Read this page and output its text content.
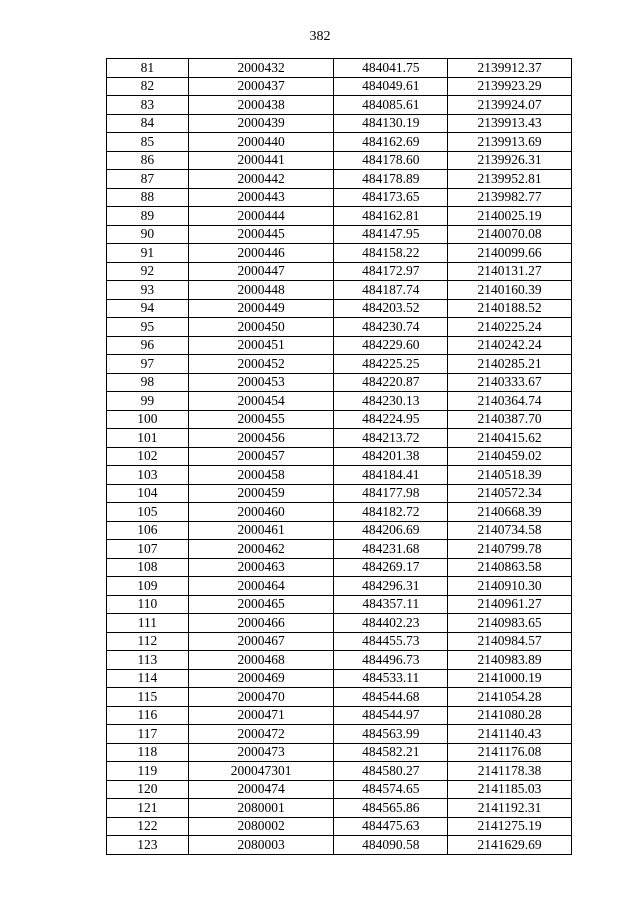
382
81	2000432	484041.75	2139912.37
82	2000437	484049.61	2139923.29
83	2000438	484085.61	2139924.07
84	2000439	484130.19	2139913.43
85	2000440	484162.69	2139913.69
86	2000441	484178.60	2139926.31
87	2000442	484178.89	2139952.81
88	2000443	484173.65	2139982.77
89	2000444	484162.81	2140025.19
90	2000445	484147.95	2140070.08
91	2000446	484158.22	2140099.66
92	2000447	484172.97	2140131.27
93	2000448	484187.74	2140160.39
94	2000449	484203.52	2140188.52
95	2000450	484230.74	2140225.24
96	2000451	484229.60	2140242.24
97	2000452	484225.25	2140285.21
98	2000453	484220.87	2140333.67
99	2000454	484230.13	2140364.74
100	2000455	484224.95	2140387.70
101	2000456	484213.72	2140415.62
102	2000457	484201.38	2140459.02
103	2000458	484184.41	2140518.39
104	2000459	484177.98	2140572.34
105	2000460	484182.72	2140668.39
106	2000461	484206.69	2140734.58
107	2000462	484231.68	2140799.78
108	2000463	484269.17	2140863.58
109	2000464	484296.31	2140910.30
110	2000465	484357.11	2140961.27
111	2000466	484402.23	2140983.65
112	2000467	484455.73	2140984.57
113	2000468	484496.73	2140983.89
114	2000469	484533.11	2141000.19
115	2000470	484544.68	2141054.28
116	2000471	484544.97	2141080.28
117	2000472	484563.99	2141140.43
118	2000473	484582.21	2141176.08
119	200047301	484580.27	2141178.38
120	2000474	484574.65	2141185.03
121	2080001	484565.86	2141192.31
122	2080002	484475.63	2141275.19
123	2080003	484090.58	2141629.69
